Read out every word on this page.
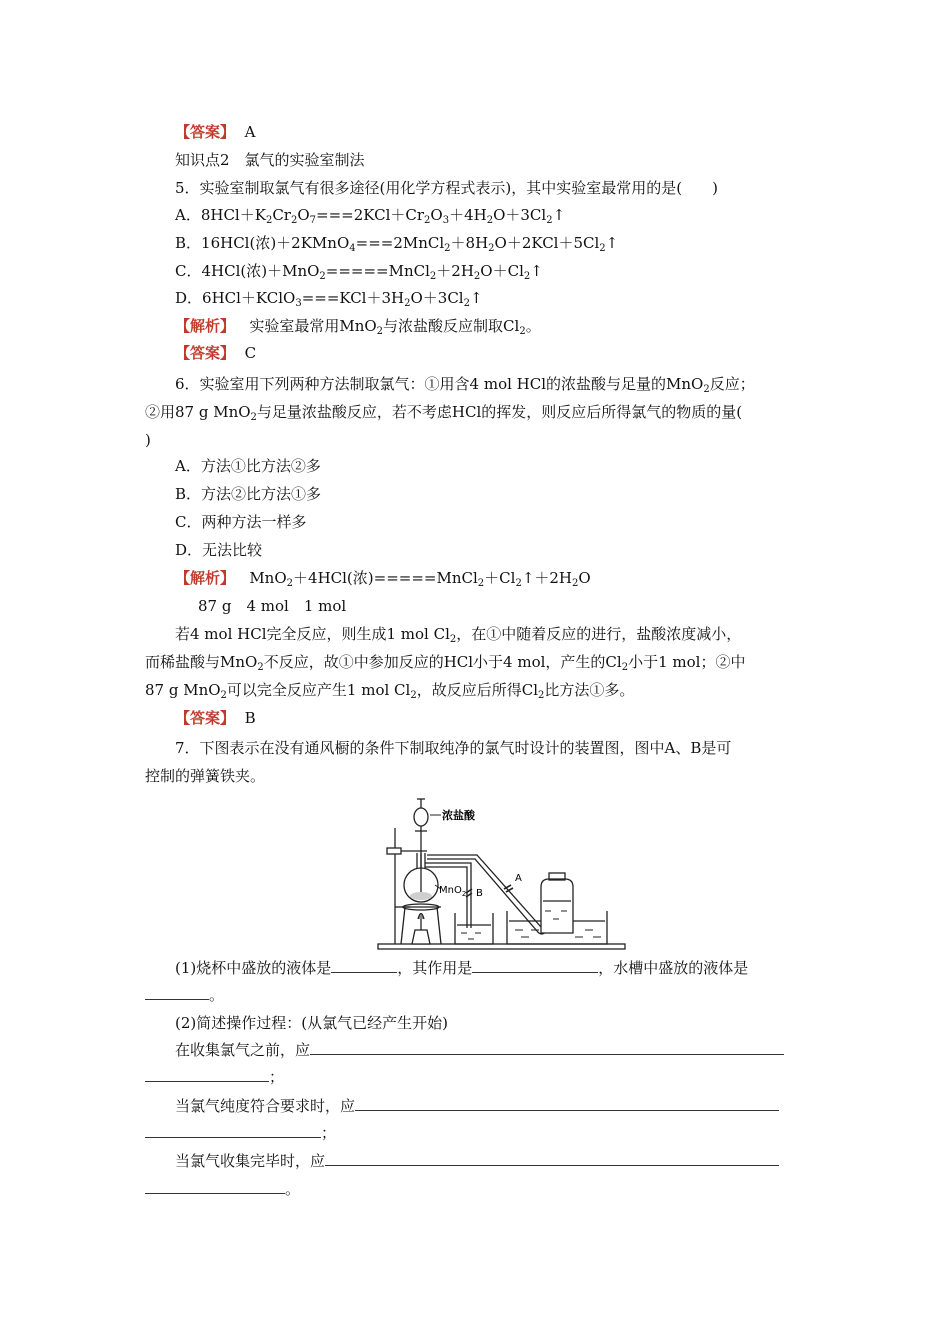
【答案】 A
知识点2　氯气的实验室制法
5．实验室制取氯气有很多途径(用化学方程式表示)，其中实验室最常用的是(　　)
A．$8HCl+K_2Cr_2O_7===2KCl+Cr_2O_3+4H_2O+3Cl_2↑$
B．16HCl(浓)$+2KMnO_4===2MnCl_2+8H_2O+2KCl+5Cl_2↑$
C．4HCl(浓)$+MnO_2=====MnCl_2+2H_2O+Cl_2↑$
D．$6HCl+KClO_3===KCl+3H_2O+3Cl_2↑$
【解析】 实验室最常用MnO$_2$与浓盐酸反应制取$Cl_2$。
【答案】 C
6．实验室用下列两种方法制取氯气：①用含4 mol HCl的浓盐酸与足量的MnO$_2$反应；
②用87 g MnO$_2$与足量浓盐酸反应，若不考虑HCl的挥发，则反应后所得氯气的物质的量(
)
A．方法①比方法②多
B．方法②比方法①多
C．两种方法一样多
D．无法比较
【解析】 MnO$_2$＋4HCl(浓)$=====MnCl_2+Cl_2↑+2H_2O$
87 g　4 mol　1 mol
若4 mol HCl完全反应，则生成1 mol $Cl_2$，在①中随着反应的进行，盐酸浓度减小，
而稀盐酸与MnO$_2$不反应，故①中参加反应的HCl小于4 mol，产生的$Cl_2$小于1 mol；②中
87 g MnO$_2$可以完全反应产生1 mol $Cl_2$，故反应后所得$Cl_2$比方法①多。
【答案】 B
7．下图表示在没有通风橱的条件下制取纯净的氯气时设计的装置图，图中A、B是可
控制的弹簧铁夹。
浓盐酸
MnO$_2$
A
B
(1)烧杯中盛放的液体是	，其作用是	，水槽中盛放的液体是
。
(2)简述操作过程：(从氯气已经产生开始)
在收集氯气之前，应
；
当氯气纯度符合要求时，应
；
当氯气收集完毕时，应
。
